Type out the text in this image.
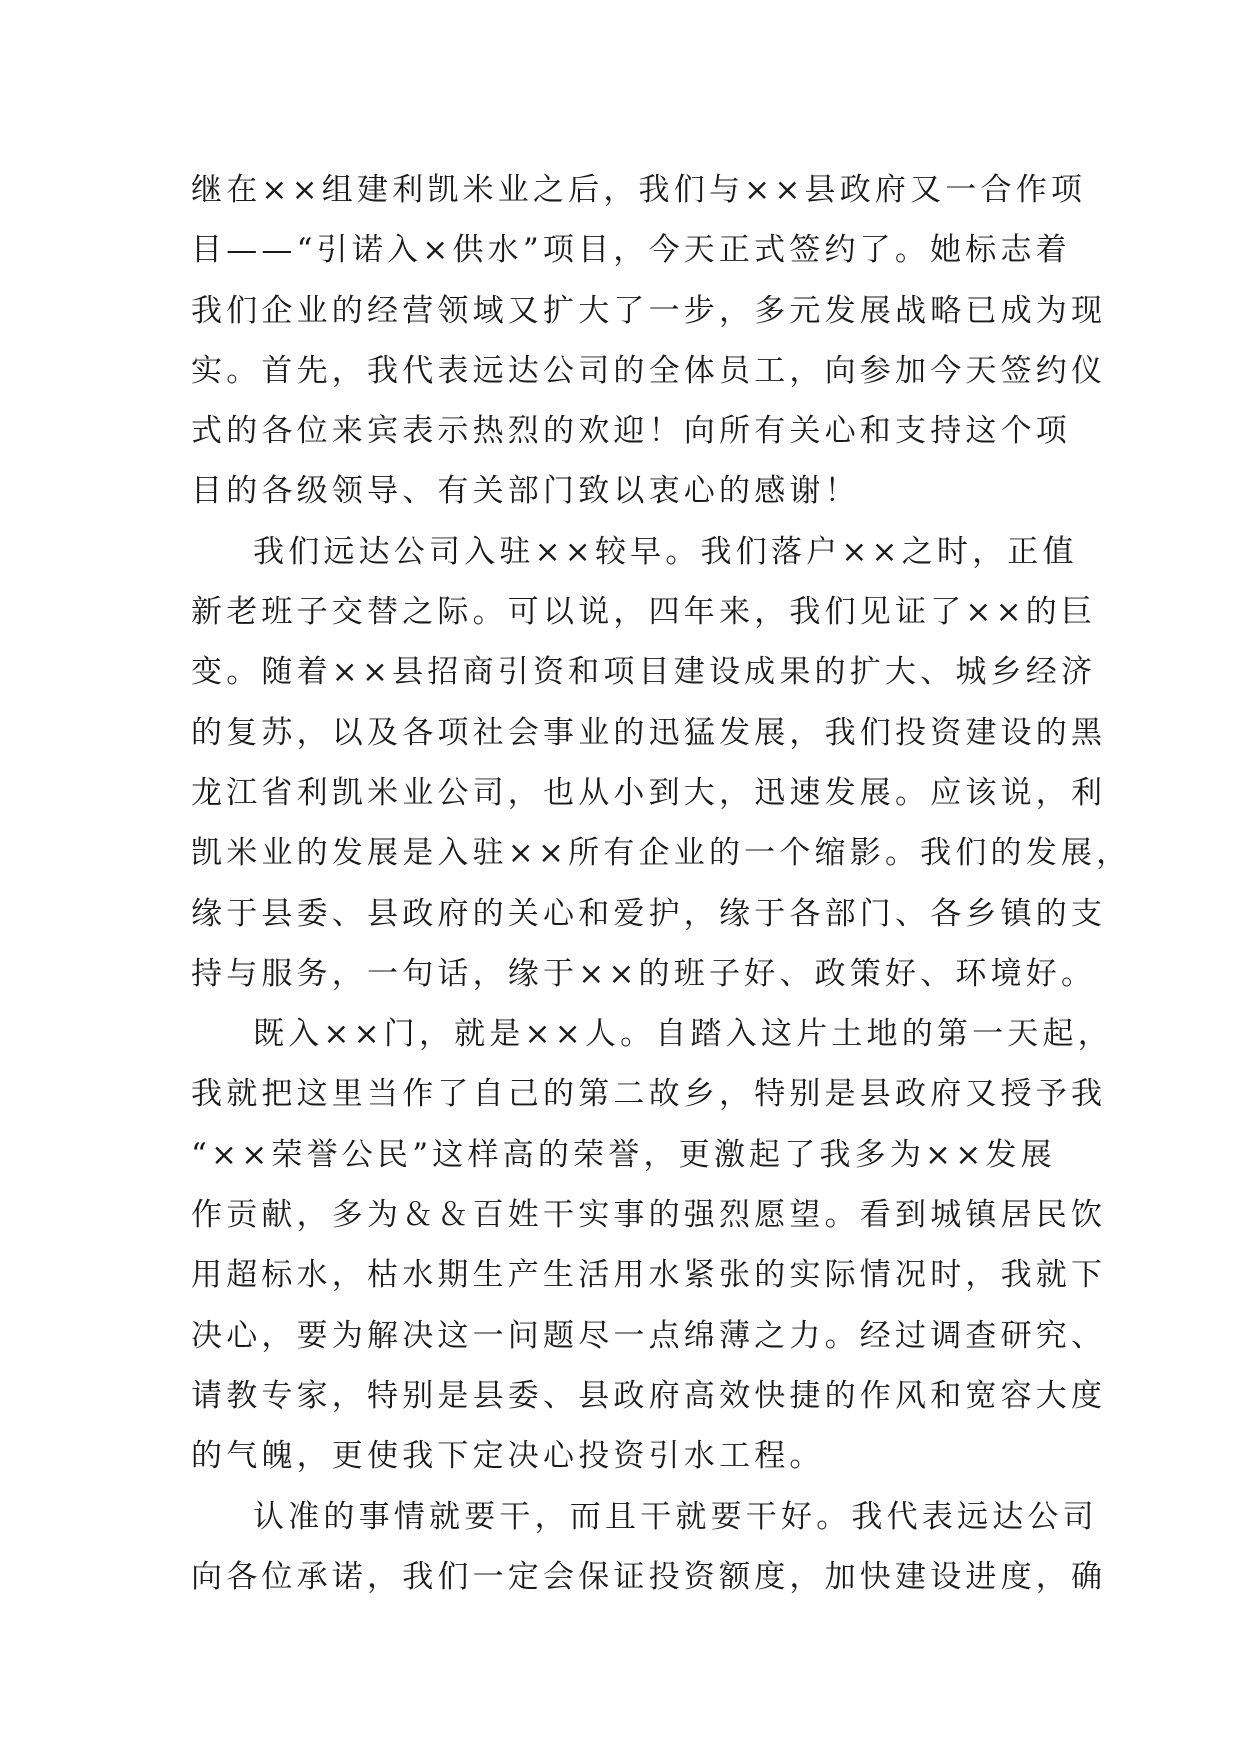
继在××组建利凯米业之后，我们与××县政府又一合作项
目——“引诺入×供水”项目，今天正式签约了。她标志着
我们企业的经营领域又扩大了一步，多元发展战略已成为现
实。首先，我代表远达公司的全体员工，向参加今天签约仪
式的各位来宾表示热烈的欢迎！向所有关心和支持这个项
目的各级领导、有关部门致以衷心的感谢！

我们远达公司入驻××较早。我们落户××之时，正值
新老班子交替之际。可以说，四年来，我们见证了××的巨
变。随着××县招商引资和项目建设成果的扩大、城乡经济
的复苏，以及各项社会事业的迅猛发展，我们投资建设的黑
龙江省利凯米业公司，也从小到大，迅速发展。应该说，利
凯米业的发展是入驻××所有企业的一个缩影。我们的发展，
缘于县委、县政府的关心和爱护，缘于各部门、各乡镇的支
持与服务，一句话，缘于××的班子好、政策好、环境好。

既入××门，就是××人。自踏入这片土地的第一天起，
我就把这里当作了自己的第二故乡，特别是县政府又授予我
“××荣誉公民”这样高的荣誉，更激起了我多为××发展
作贡献，多为＆＆百姓干实事的强烈愿望。看到城镇居民饮
用超标水，枯水期生产生活用水紧张的实际情况时，我就下
决心，要为解决这一问题尽一点绵薄之力。经过调查研究、
请教专家，特别是县委、县政府高效快捷的作风和宽容大度
的气魄，更使我下定决心投资引水工程。

认准的事情就要干，而且干就要干好。我代表远达公司
向各位承诺，我们一定会保证投资额度，加快建设进度，确
